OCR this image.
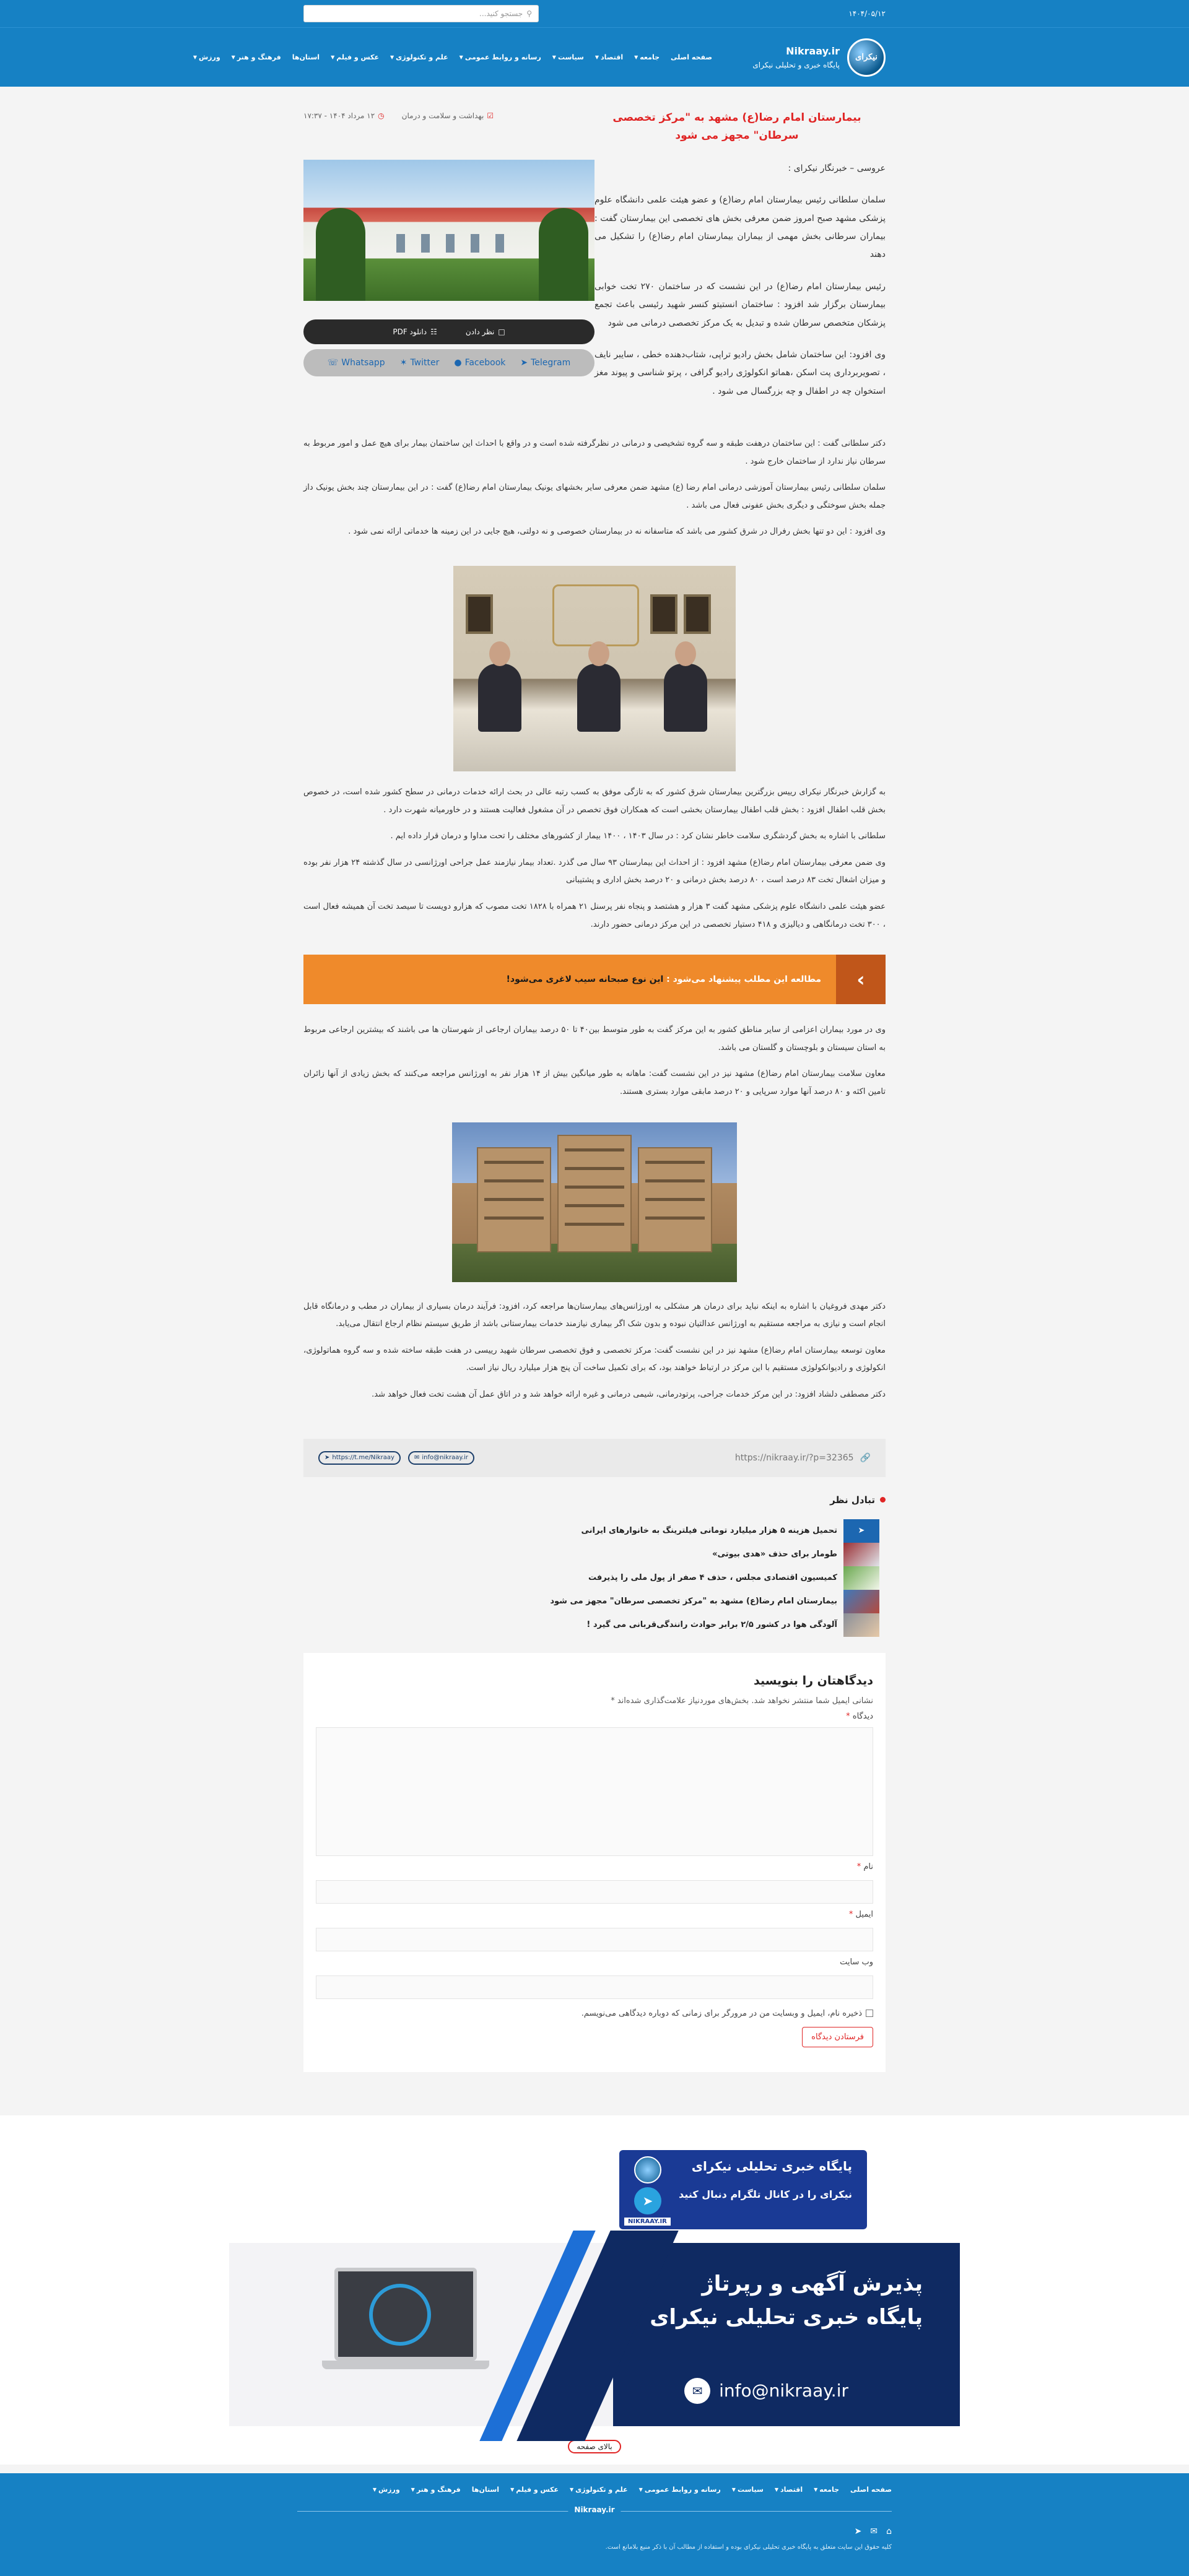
۱۴۰۴/۰۵/۱۲
⚲
جستجو کنید...
نیکرای
Nikraay.ir
پایگاه خبری و تحلیلی نیکرای
صفحه اصلی
جامعه
▼
اقتصاد
▼
سیاست
▼
رسانه و روابط عمومی
▼
علم و تکنولوژی
▼
عکس و فیلم
▼
استان‌ها
فرهنگ و هنر
▼
ورزش
▼
بیمارستان امام رضا(ع) مشهد به "مرکز تخصصی سرطان" مجهز می شود
☑
بهداشت و سلامت و درمان
◷
۱۲ مرداد ۱۴۰۴ - ۱۷:۳۷

عروسی – خبرنگار نیکرای :

سلمان سلطانی رئیس بیمارستان امام رضا(ع) و عضو هیئت علمی دانشگاه علوم پزشکی مشهد صبح امروز ضمن معرفی بخش های تخصصی این بیمارستان گفت : بیماران سرطانی بخش مهمی از بیماران بیمارستان امام رضا(ع) را تشکیل می دهند

رئیس بیمارستان امام رضا(ع) در این نشست که در ساختمان ۲۷۰ تخت خوابی بیمارستان برگزار شد افزود : ساختمان انستیتو کنسر شهید رئیسی باعث تجمع پزشکان متخصص سرطان شده و تبدیل به یک مرکز تخصصی درمانی می شود

وی افزود: این ساختمان شامل بخش رادیو تراپی، شتاب‌دهنده خطی ، سایبر نایف ، تصویربرداری پت اسکن ،هماتو انکولوژی رادیو گرافی ، پرتو شناسی و پیوند مغز استخوان چه در اطفال و چه بزرگسال می شود .

□
نظر دادن
☷
دانلود PDF
➤ Telegram
● Facebook
✶ Twitter
☏ Whatsapp

دکتر سلطانی گفت : این ساختمان درهفت طبقه و سه گروه تشخیصی و درمانی در نظرگرفته شده است و در واقع با احداث این ساختمان بیمار برای هیچ عمل و امور مربوط به سرطان نیاز ندارد از ساختمان خارج شود .

سلمان سلطانی رئیس بیمارستان آموزشی درمانی امام رضا (ع) مشهد ضمن معرفی سایر بخشهای یونیک بیمارستان امام رضا(ع) گفت : در این بیمارستان چند بخش یونیک داز جمله بخش سوختگی و دیگری بخش عفونی فعال می باشد .

وی افزود : این دو تنها بخش رفرال در شرق کشور می باشد که متاسفانه نه در بیمارستان خصوصی و نه دولتی، هیچ جایی در این زمینه ها خدماتی ارائه نمی شود .

به گزارش خبرنگار نیکرای رییس بزرگترین بیمارستان شرق کشور که به تازگی موفق به کسب رتبه عالی در بحث ارائه خدمات درمانی در سطح کشور شده است، در خصوص بخش قلب اطفال افزود : بخش قلب اطفال بیمارستان بخشی است که همکاران فوق تخصص در آن مشغول فعالیت هستند و در خاورمیانه شهرت دارد .

سلطانی با اشاره به بخش گردشگری سلامت خاطر نشان کرد : در سال ۱۴۰۳ ، ۱۴۰۰ بیمار از کشورهای مختلف را تحت مداوا و درمان قرار داده ایم .

وی ضمن معرفی بیمارستان امام رضا(ع) مشهد افزود : از احداث این بیمارستان ۹۳ سال می گذرد .تعداد بیمار نیازمند عمل جراحی اورژانسی در سال گذشته ۲۴ هزار نفر بوده و میزان اشغال تخت ۸۳ درصد است ، ۸۰ درصد بخش درمانی و ۲۰ درصد بخش اداری و پشتیبانی

عضو هیئت علمی دانشگاه علوم پزشکی مشهد گفت ۳ هزار و هشتصد و پنجاه نفر پرسنل ۲۱ همراه با ۱۸۲۸ تخت مصوب که هزارو دویست تا سیصد تخت آن همیشه فعال است ، ۳۰۰ تخت درمانگاهی و دیالیزی و ۴۱۸ دستیار تخصصی در این مرکز درمانی حضور دارند.

›
مطالعه این مطلب پیشنهاد می‌شود : این نوع صبحانه سیب لاغری می‌شود!

وی در مورد بیماران اعزامی از سایر مناطق کشور به این مرکز گفت به طور متوسط بین۴۰ تا ۵۰ درصد بیماران ارجاعی از شهرستان ها می باشند که بیشترین ارجاعی مربوط به استان سیستان و بلوچستان و گلستان می باشد.

معاون سلامت بیمارستان امام رضا(ع) مشهد نیز در این نشست گفت: ماهانه به طور میانگین بیش از ۱۴ هزار نفر به اورژانس مراجعه می‌کنند که بخش زیادی از آنها زائران تامین اکثه و ۸۰ درصد آنها موارد سرپایی و ۲۰ درصد مابقی موارد بستری هستند.

دکتر مهدی فروغیان با اشاره به اینکه نباید برای درمان هر مشکلی به اورژانس‌های بیمارستان‌ها مراجعه کرد، افزود: فرآیند درمان بسیاری از بیماران در مطب و درمانگاه قابل انجام است و نیازی به مراجعه مستقیم به اورژانس عدالتیان نبوده و بدون شک اگر بیماری نیازمند خدمات بیمارستانی باشد از طریق سیستم نظام ارجاع انتقال می‌یابد.

معاون توسعه بیمارستان امام رضا(ع) مشهد نیز در این نشست گفت: مرکز تخصصی و فوق تخصصی سرطان شهید رییسی در هفت طبقه ساخته شده و سه گروه هماتولوژی، انکولوژی و رادیوانکولوژی مستقیم با این مرکز در ارتباط خواهند بود، که برای تکمیل ساخت آن پنج هزار میلیارد ریال نیاز است.

دکتر مصطفی دلشاد افزود: در این مرکز خدمات جراحی، پرتودرمانی، شیمی درمانی و غیره ارائه خواهد شد و در اتاق عمل آن هشت تخت فعال خواهد شد.

➤ https://t.me/Nikraay	✉ info@nikraay.ir	https://nikraay.ir/?p=32365 🔗
تبادل نظر
➤
تحمیل هزینه ۵ هزار میلیارد تومانی فیلترینگ به خانوارهای ایرانی
طومار برای حذف «هدی بیوتی»
کمیسیون اقتصادی مجلس ، حذف ۴ صفر از پول ملی را پذیرفت
بیمارستان امام رضا(ع) مشهد به "مرکز تخصصی سرطان" مجهز می شود
آلودگی هوا در کشور ۲/۵ برابر حوادث رانندگی‌قربانی می گیرد !
دیدگاهتان را بنویسید

نشانی ایمیل شما منتشر نخواهد شد. بخش‌های موردنیاز علامت‌گذاری شده‌اند *

دیدگاه *
نام *
ایمیل *
وب سایت
ذخیره نام، ایمیل و وبسایت من در مرورگر برای زمانی که دوباره دیدگاهی می‌نویسم.
فرستادن دیدگاه
➤
پایگاه خبری تحلیلی نیکرای
نیکرای را در کانال تلگرام دنبال کنید
NIKRAAY.IR
پذیرش آگهی و رپرتاژ
پایگاه خبری تحلیلی نیکرای
✉ info@nikraay.ir
بالای صفحه
صفحه اصلی
جامعه
▼
اقتصاد
▼
سیاست
▼
رسانه و روابط عمومی
▼
علم و تکنولوژی
▼
عکس و فیلم
▼
استان‌ها
فرهنگ و هنر
▼
ورزش
▼
Nikraay.ir
⌂
✉
➤

کلیه حقوق این سایت متعلق به پایگاه خبری تحلیلی نیکرای بوده و استفاده از مطالب آن با ذکر منبع بلامانع است.
